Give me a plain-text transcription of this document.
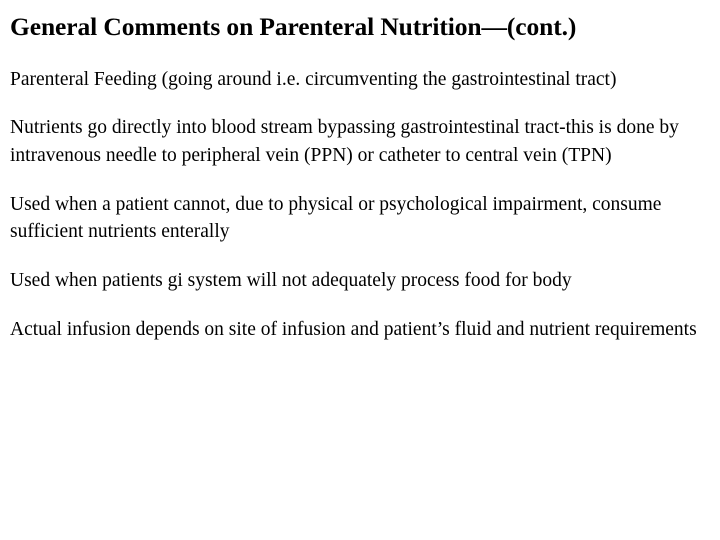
General Comments on Parenteral Nutrition—(cont.)

Parenteral Feeding (going around i.e. circumventing the gastrointestinal tract)

Nutrients go directly into blood stream bypassing gastrointestinal tract-this is done by intravenous needle to peripheral vein (PPN) or catheter to central vein (TPN)

Used when a patient cannot, due to physical or psychological impairment, consume sufficient nutrients enterally

Used when patients gi system will not adequately process food for body

Actual infusion depends on site of infusion and patient’s fluid and nutrient requirements
